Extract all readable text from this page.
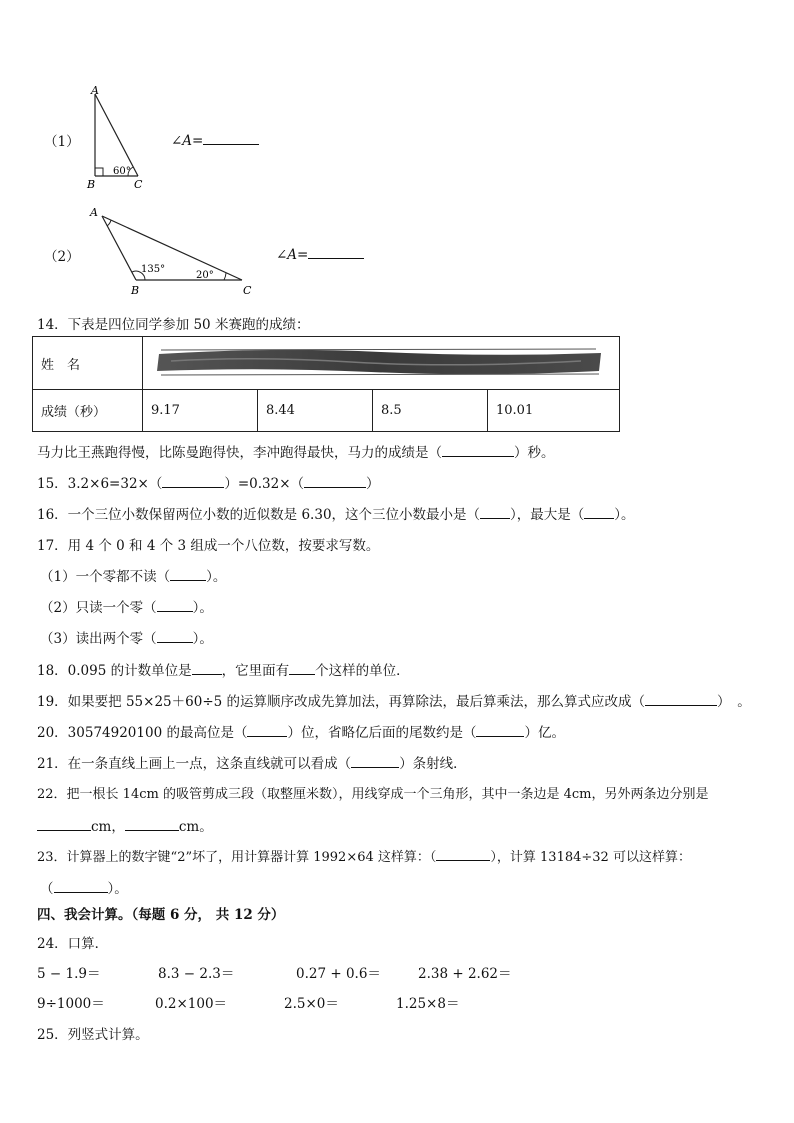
（1）
A
B	C
60°
∠A=
（2）
A
B	C
135°
20°
∠A=
14．下表是四位同学参加 50 米赛跑的成绩：
姓　名	
成绩（秒）	9.17	8.44	8.5	10.01
马力比王燕跑得慢，比陈曼跑得快，李冲跑得最快，马力的成绩是（	）秒。
15．3.2×6=32×（	）=0.32×（	）
16．一个三位小数保留两位小数的近似数是 6.30，这个三位小数最小是（ ），最大是（ ）。
17．用 4 个 0 和 4 个 3 组成一个八位数，按要求写数。
（1）一个零都不读（	）。
（2）只读一个零（	）。
（3）读出两个零（	）。
18．0.095 的计数单位是 ，它里面有 个这样的单位．
19．如果要把 55×25＋60÷5 的运算顺序改成先算加法，再算除法，最后算乘法，那么算式应改成（	）　。
20．30574920100 的最高位是（	）位，省略亿后面的尾数约是（	）亿。
21．在一条直线上画上一点，这条直线就可以看成（	）条射线．
22．把一根长 14cm 的吸管剪成三段（取整厘米数），用线穿成一个三角形，其中一条边是 4cm，另外两条边分别是
cm，	cm。
23．计算器上的数字键“2”坏了，用计算器计算 1992×64 这样算：（	），计算 13184÷32 可以这样算：
（	）。
四、我会计算。（每题 6 分， 共 12 分）
24．口算．
5 − 1.9＝	8.3 − 2.3＝	0.27 + 0.6＝	2.38 + 2.62＝
9÷1000＝	0.2×100＝	2.5×0＝	1.25×8＝
25．列竖式计算。
